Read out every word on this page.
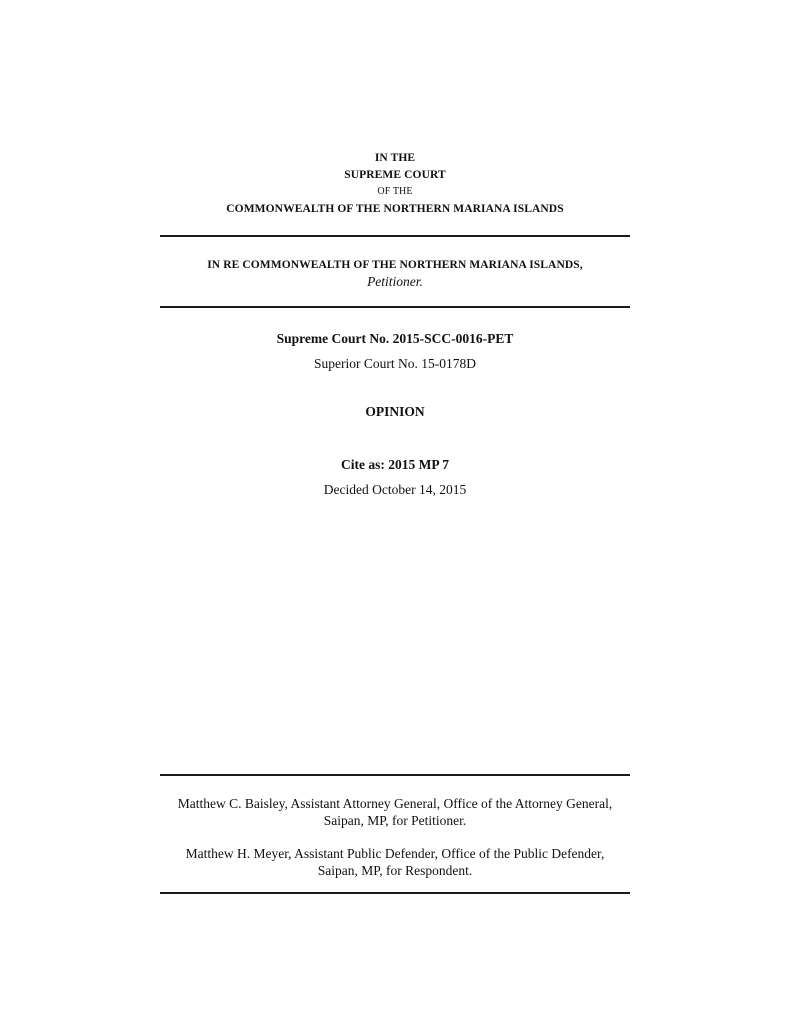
IN THE
SUPREME COURT
OF THE
COMMONWEALTH OF THE NORTHERN MARIANA ISLANDS
IN RE COMMONWEALTH OF THE NORTHERN MARIANA ISLANDS,
Petitioner.
Supreme Court No. 2015-SCC-0016-PET
Superior Court No. 15-0178D
OPINION
Cite as: 2015 MP 7
Decided October 14, 2015
Matthew C. Baisley, Assistant Attorney General, Office of the Attorney General,
Saipan, MP, for Petitioner.
Matthew H. Meyer, Assistant Public Defender, Office of the Public Defender,
Saipan, MP, for Respondent.
